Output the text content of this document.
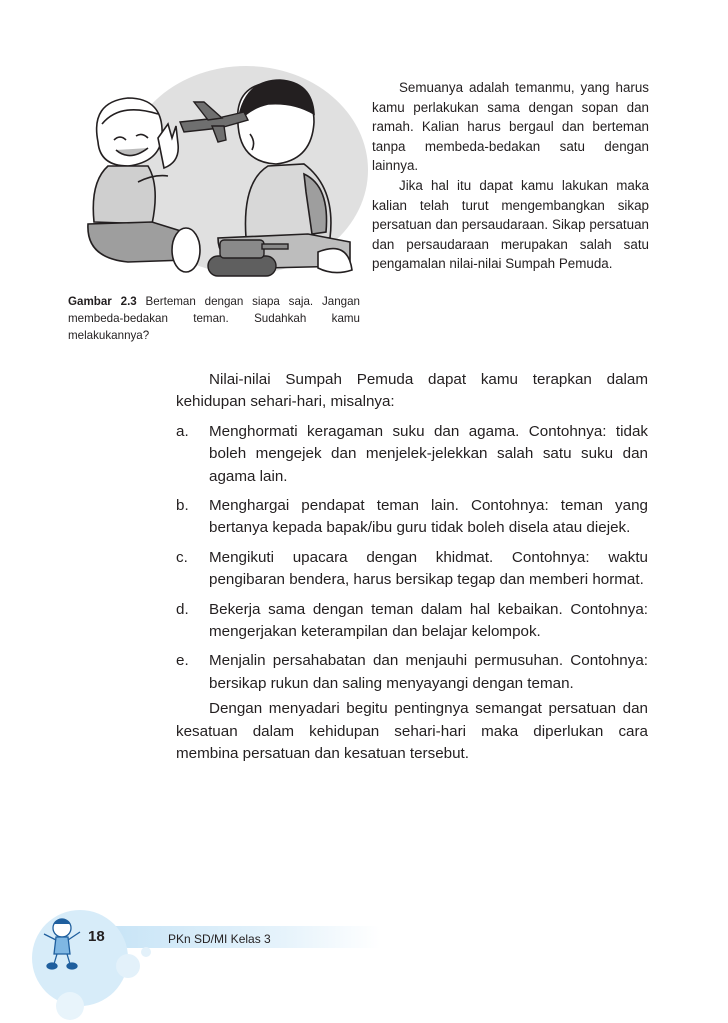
Gambar 2.3 Berteman dengan siapa saja. Jangan membeda-bedakan teman. Sudahkah kamu melakukannya?

Semuanya adalah temanmu, yang harus kamu perlakukan sama dengan sopan dan ramah. Kalian harus bergaul dan berteman tanpa membeda-bedakan satu dengan lainnya.

Jika hal itu dapat kamu lakukan maka kalian telah turut mengembangkan sikap persatuan dan persaudaraan. Sikap persatuan dan persaudaraan merupakan salah satu pengamalan nilai-nilai Sumpah Pemuda.

Nilai-nilai Sumpah Pemuda dapat kamu terapkan dalam kehidupan sehari-hari, misalnya:

a. Menghormati keragaman suku dan agama. Contohnya: tidak boleh mengejek dan menjelek-jelekkan salah satu suku dan agama lain.
b. Menghargai pendapat teman lain. Contohnya: teman yang bertanya kepada bapak/ibu guru tidak boleh disela atau diejek.
c. Mengikuti upacara dengan khidmat. Contohnya: waktu pengibaran bendera, harus bersikap tegap dan memberi hormat.
d. Bekerja sama dengan teman dalam hal kebaikan. Contohnya: mengerjakan keterampilan dan belajar kelompok.
e. Menjalin persahabatan dan menjauhi permusuhan. Contohnya: bersikap rukun dan saling menyayangi dengan teman.

Dengan menyadari begitu pentingnya semangat persatuan dan kesatuan dalam kehidupan sehari-hari maka diperlukan cara membina persatuan dan kesatuan tersebut.

18	PKn SD/MI Kelas 3
